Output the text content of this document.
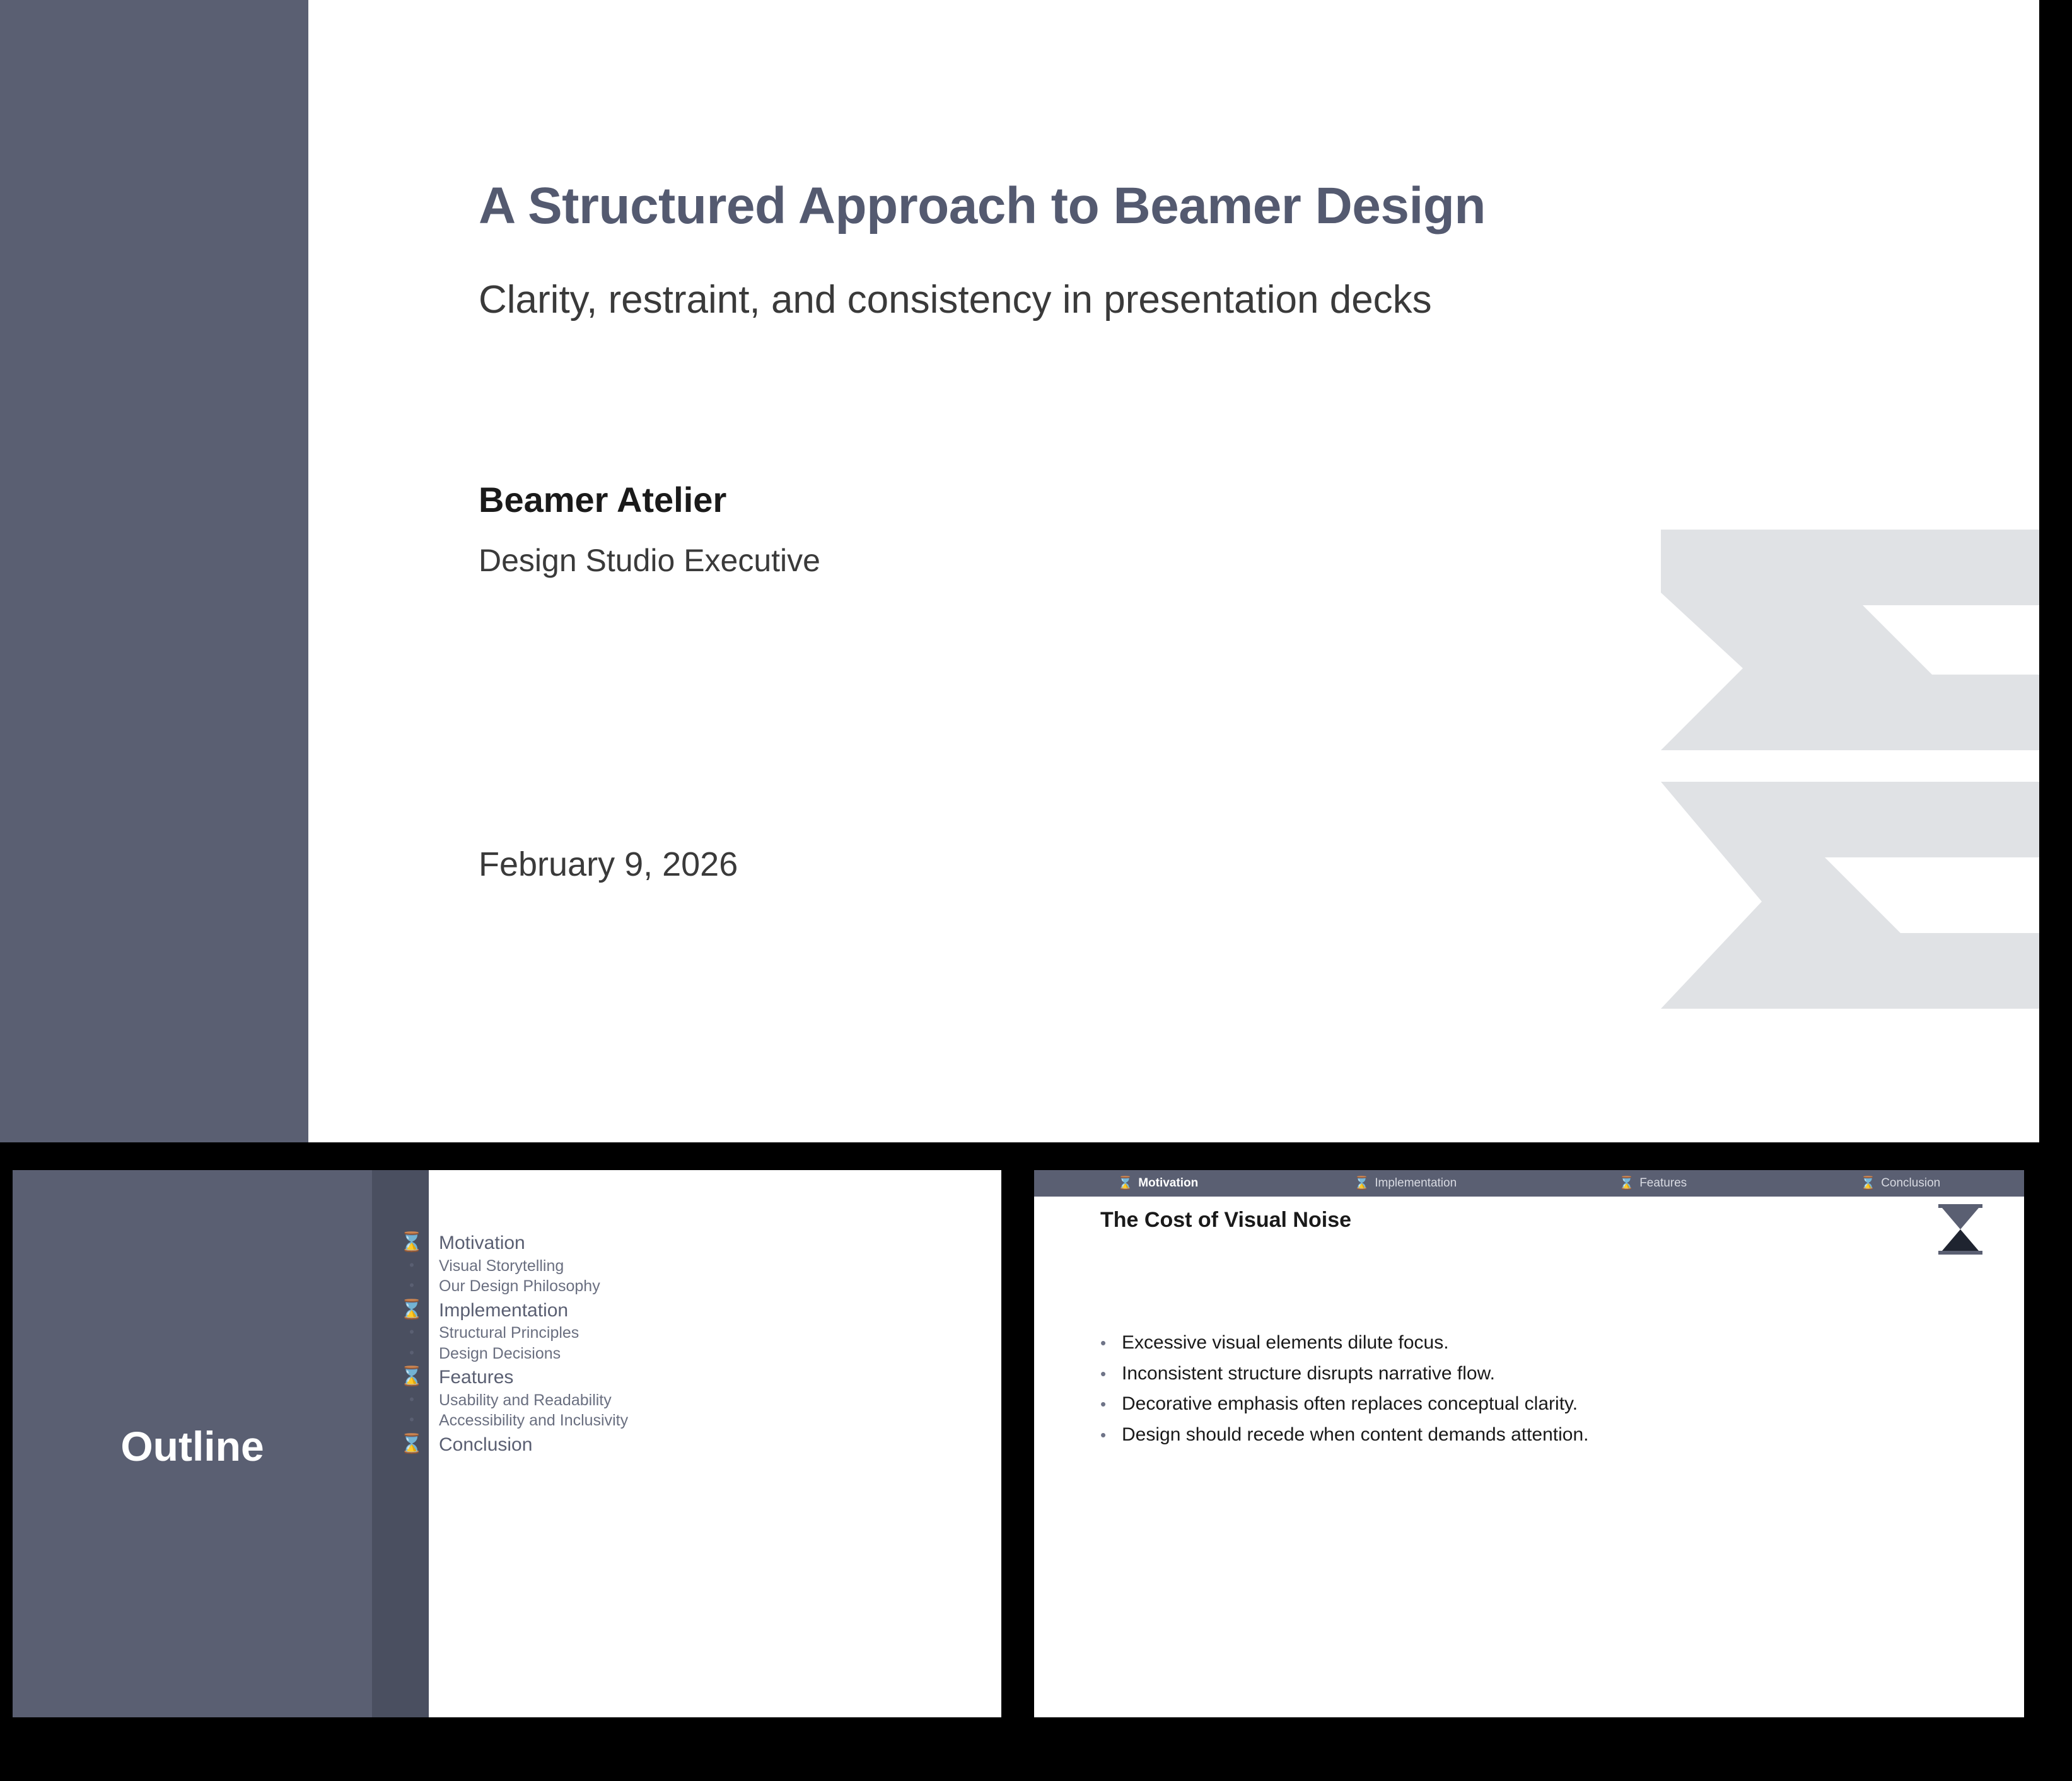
A Structured Approach to Beamer Design
Clarity, restraint, and consistency in presentation decks
Beamer Atelier
Design Studio Executive
February 9, 2026
Outline
⌛ Motivation
•	Visual Storytelling
•	Our Design Philosophy
⌛ Implementation
•	Structural Principles
•	Design Decisions
⌛ Features
•	Usability and Readability
•	Accessibility and Inclusivity
⌛ Conclusion
⌛ Motivation	⌛ Implementation	⌛ Features	⌛ Conclusion
The Cost of Visual Noise
• Excessive visual elements dilute focus.
• Inconsistent structure disrupts narrative flow.
• Decorative emphasis often replaces conceptual clarity.
• Design should recede when content demands attention.
